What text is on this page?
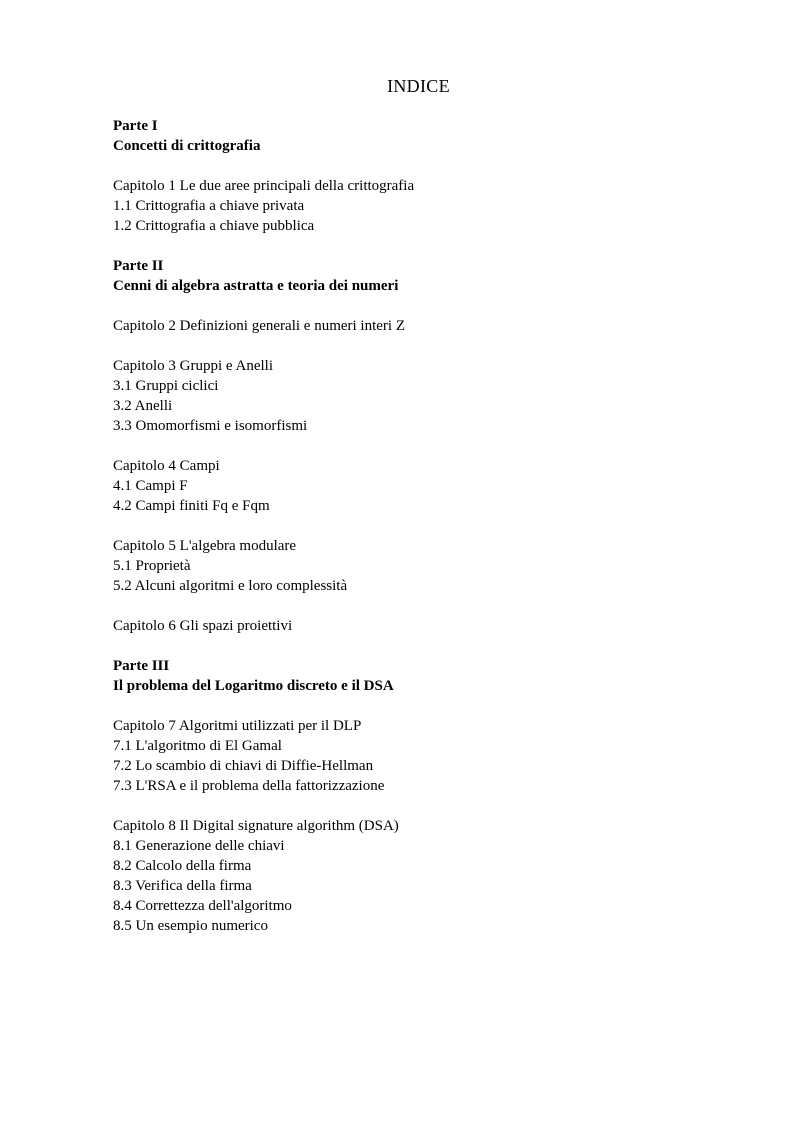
INDICE
Parte I
Concetti di crittografia
Capitolo 1 Le due aree principali della crittografia
1.1 Crittografia a chiave privata
1.2 Crittografia a chiave pubblica
Parte II
Cenni di algebra astratta e teoria dei numeri
Capitolo 2 Definizioni generali e numeri interi Z
Capitolo 3 Gruppi e Anelli
3.1 Gruppi ciclici
3.2 Anelli
3.3 Omomorfismi e isomorfismi
Capitolo 4 Campi
4.1 Campi F
4.2 Campi finiti Fq e Fqm
Capitolo 5 L'algebra modulare
5.1 Proprietà
5.2 Alcuni algoritmi e loro complessità
Capitolo 6 Gli spazi proiettivi
Parte III
Il problema del Logaritmo discreto e il DSA
Capitolo 7 Algoritmi utilizzati per il DLP
7.1 L'algoritmo di El Gamal
7.2 Lo scambio di chiavi di Diffie-Hellman
7.3 L'RSA e il problema della fattorizzazione
Capitolo 8 Il Digital signature algorithm (DSA)
8.1 Generazione delle chiavi
8.2 Calcolo della firma
8.3 Verifica della firma
8.4 Correttezza dell'algoritmo
8.5 Un esempio numerico
